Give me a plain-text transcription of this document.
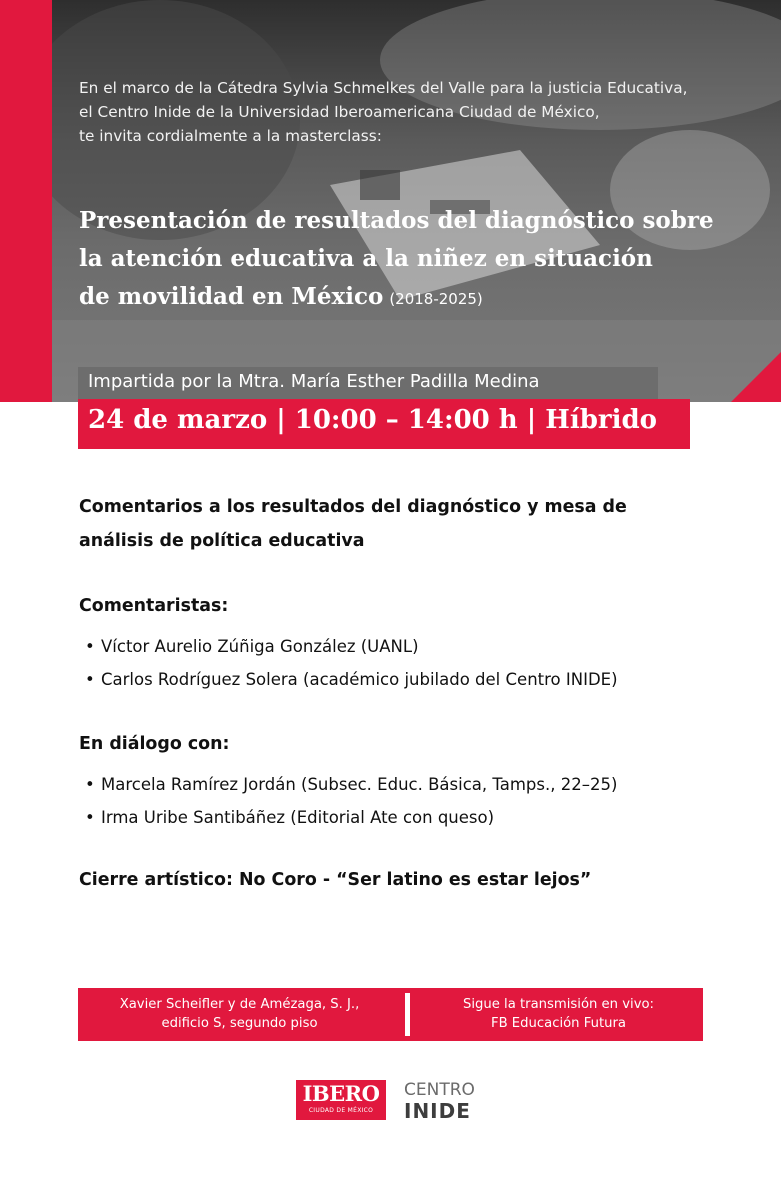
En el marco de la Cátedra Sylvia Schmelkes del Valle para la justicia Educativa,
el Centro Inide de la Universidad Iberoamericana Ciudad de México,
te invita cordialmente a la masterclass:
Presentación de resultados del diagnóstico sobre
la atención educativa a la niñez en situación
de movilidad en México (2018-2025)
Impartida por la Mtra. María Esther Padilla Medina
24 de marzo | 10:00 – 14:00 h | Híbrido
Comentarios a los resultados del diagnóstico y mesa de
análisis de política educativa
Comentaristas:
• Víctor Aurelio Zúñiga González (UANL)
• Carlos Rodríguez Solera (académico jubilado del Centro INIDE)
En diálogo con:
• Marcela Ramírez Jordán (Subsec. Educ. Básica, Tamps., 22–25)
• Irma Uribe Santibáñez (Editorial Ate con queso)
Cierre artístico: No Coro - “Ser latino es estar lejos”
Xavier Scheifler y de Amézaga, S. J.,
edificio S, segundo piso
Sigue la transmisión en vivo:
FB Educación Futura
IBERO
CIUDAD DE MÉXICO
CENTRO
INIDE
